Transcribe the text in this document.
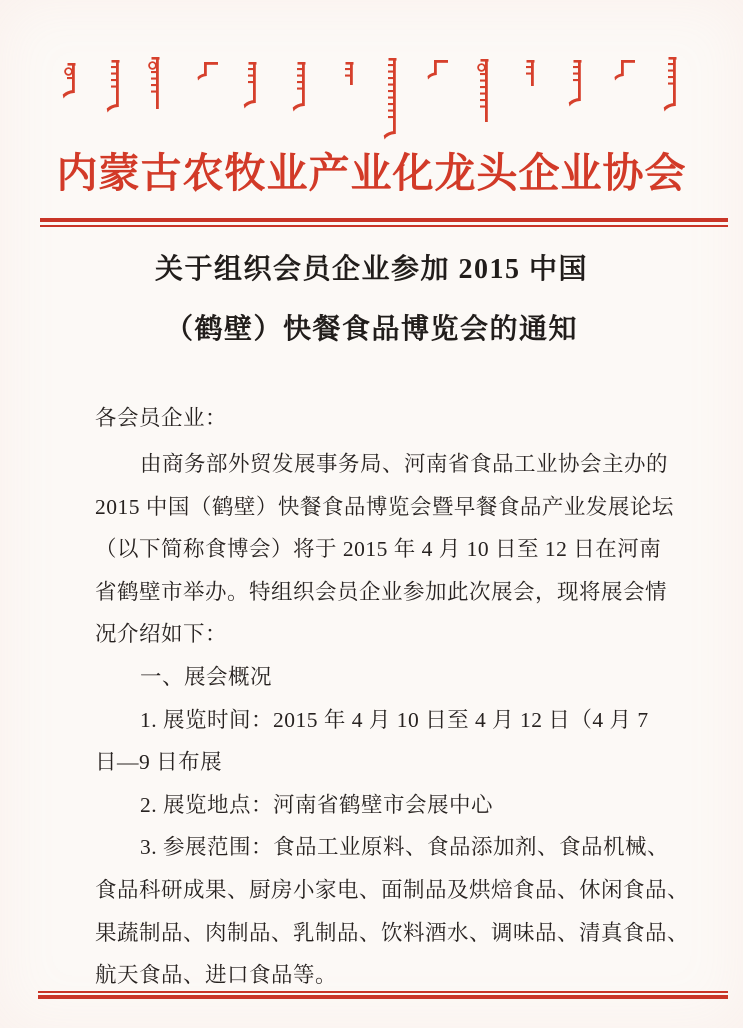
内蒙古农牧业产业化龙头企业协会
关于组织会员企业参加 2015 中国
（鹤壁）快餐食品博览会的通知
各会员企业：
由商务部外贸发展事务局、河南省食品工业协会主办的
2015 中国（鹤壁）快餐食品博览会暨早餐食品产业发展论坛
（以下简称食博会）将于 2015 年 4 月 10 日至 12 日在河南
省鹤壁市举办。特组织会员企业参加此次展会，现将展会情
况介绍如下：
一、展会概况
1. 展览时间：2015 年 4 月 10 日至 4 月 12 日（4 月 7
日—9 日布展
2. 展览地点：河南省鹤壁市会展中心
3. 参展范围：食品工业原料、食品添加剂、食品机械、
食品科研成果、厨房小家电、面制品及烘焙食品、休闲食品、
果蔬制品、肉制品、乳制品、饮料酒水、调味品、清真食品、
航天食品、进口食品等。
